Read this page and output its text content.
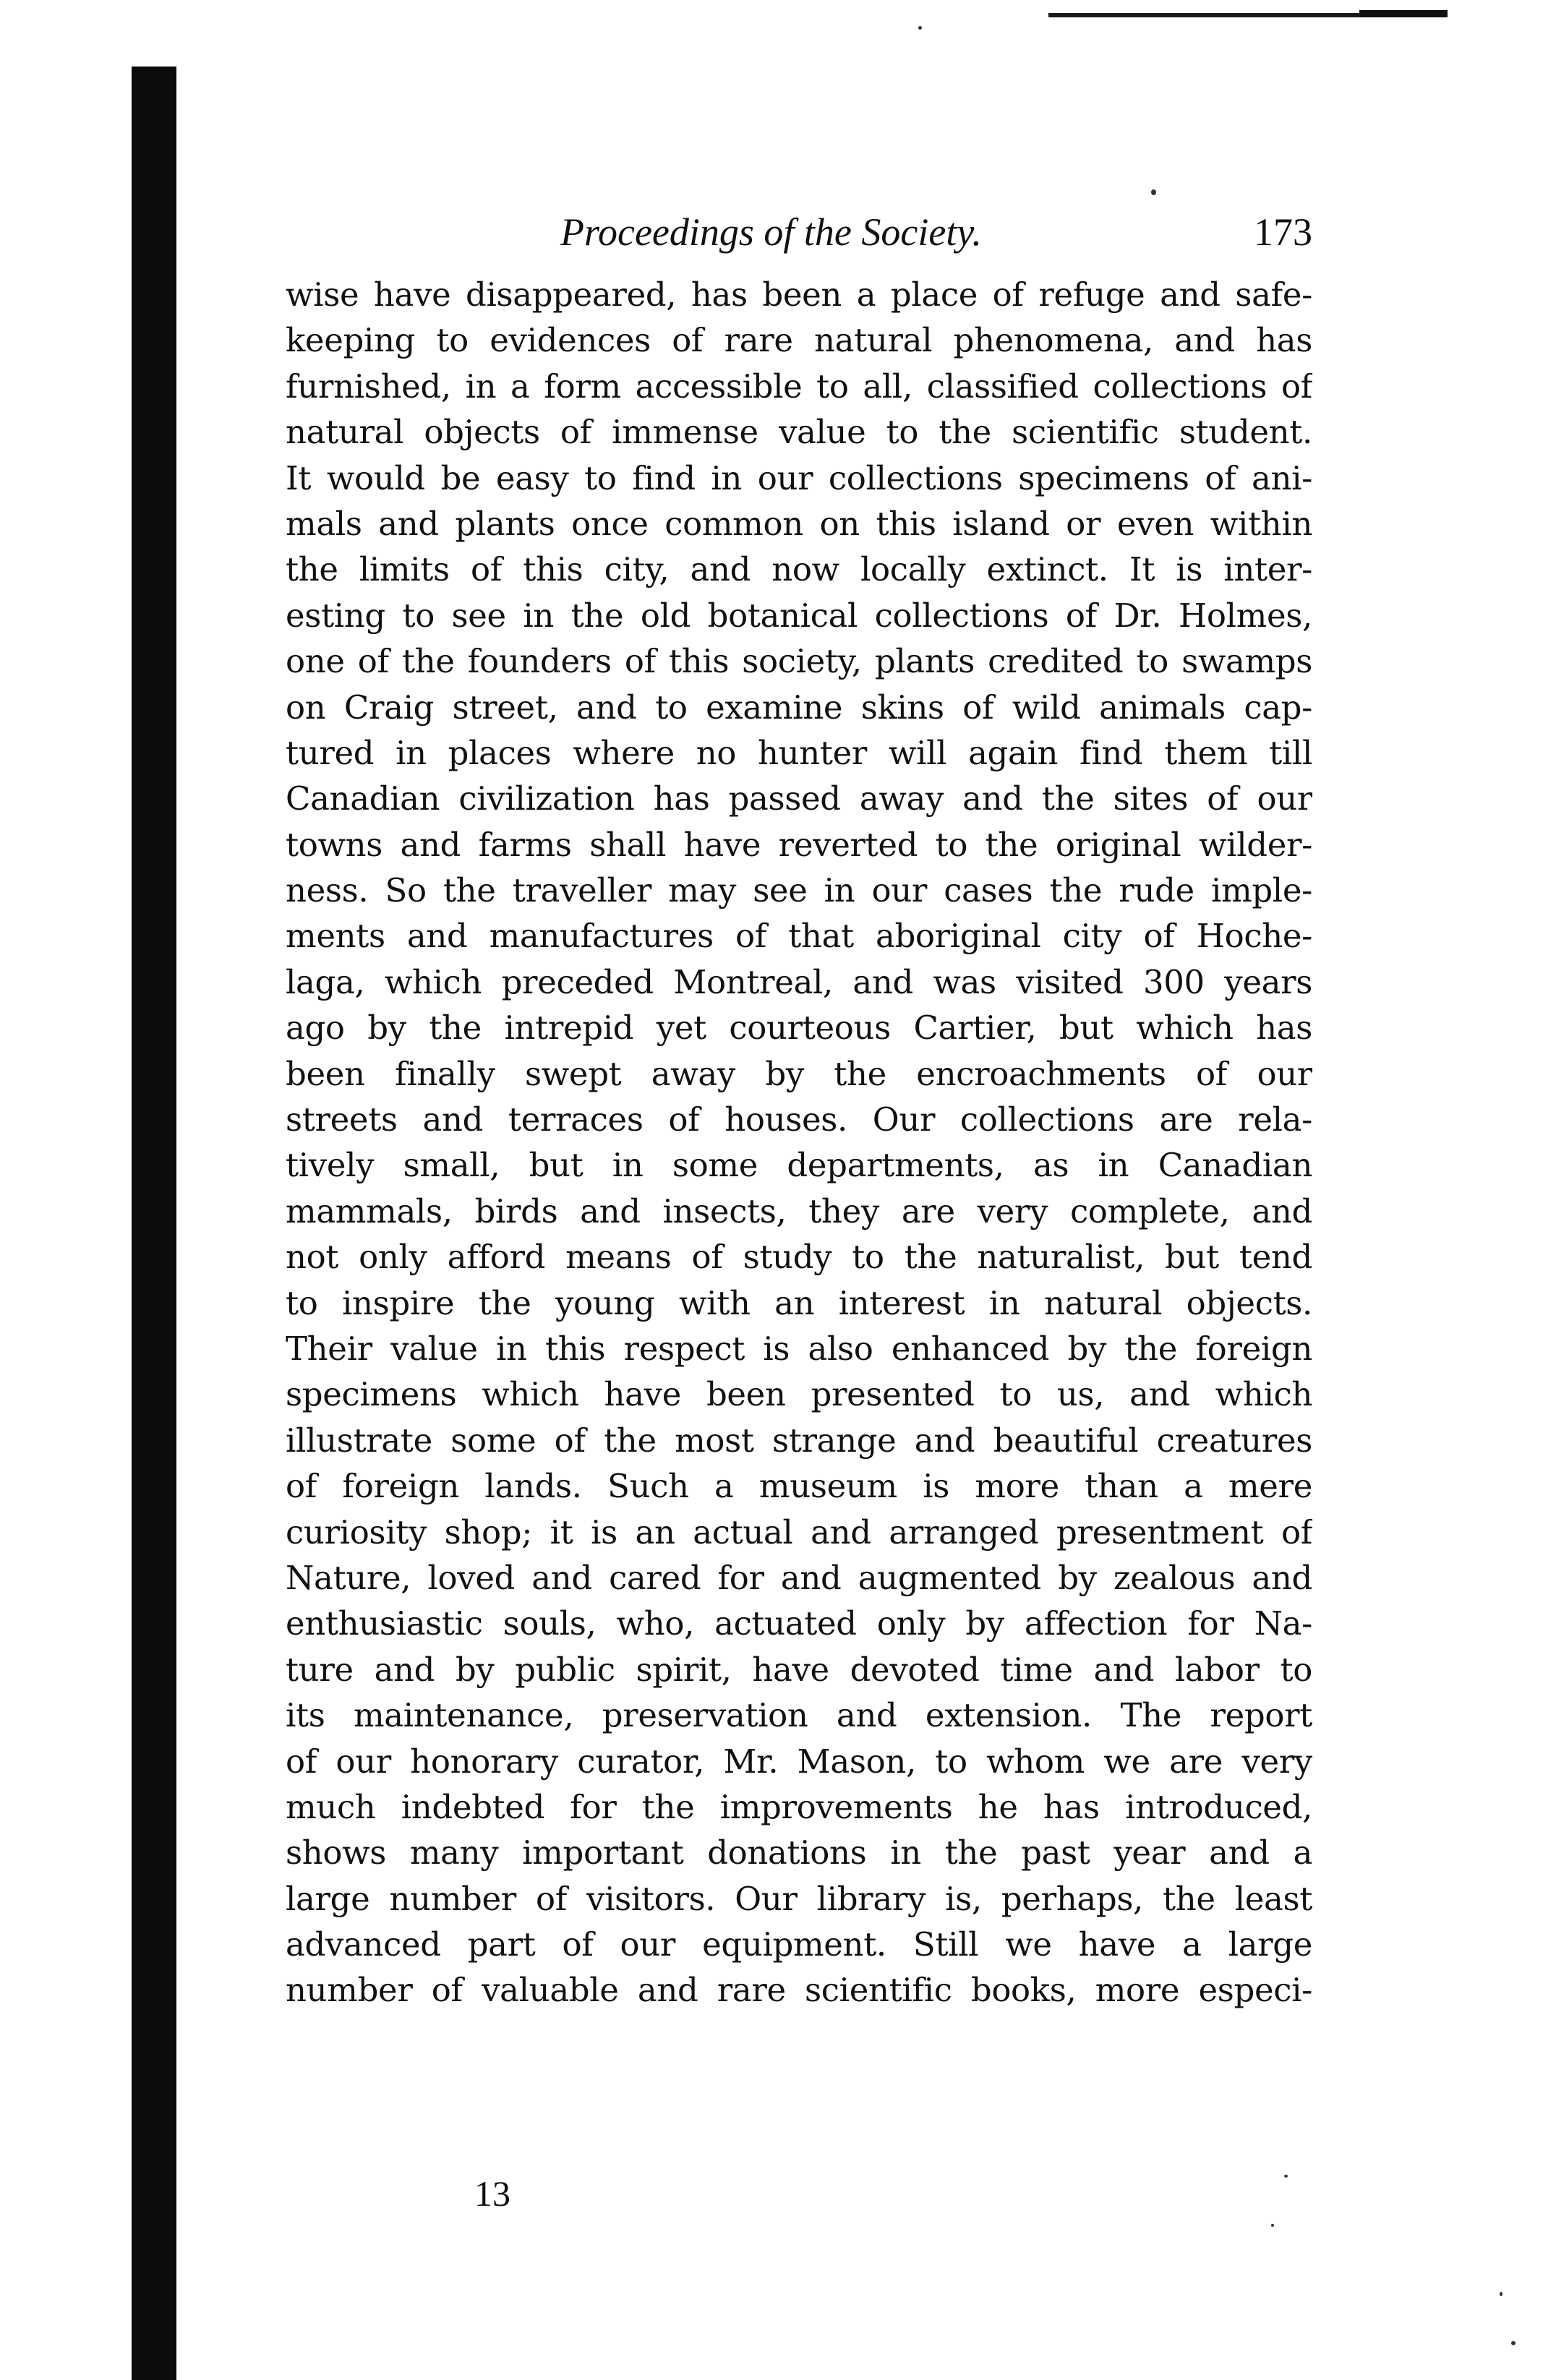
Proceedings of the Society.	173
wise have disappeared, has been a place of refuge and safe-
keeping to evidences of rare natural phenomena, and has
furnished, in a form accessible to all, classified collections of
natural objects of immense value to the scientific student.
It would be easy to find in our collections specimens of ani-
mals and plants once common on this island or even within
the limits of this city, and now locally extinct. It is inter-
esting to see in the old botanical collections of Dr. Holmes,
one of the founders of this society, plants credited to swamps
on Craig street, and to examine skins of wild animals cap-
tured in places where no hunter will again find them till
Canadian civilization has passed away and the sites of our
towns and farms shall have reverted to the original wilder-
ness. So the traveller may see in our cases the rude imple-
ments and manufactures of that aboriginal city of Hoche-
laga, which preceded Montreal, and was visited 300 years
ago by the intrepid yet courteous Cartier, but which has
been finally swept away by the encroachments of our
streets and terraces of houses. Our collections are rela-
tively small, but in some departments, as in Canadian
mammals, birds and insects, they are very complete, and
not only afford means of study to the naturalist, but tend
to inspire the young with an interest in natural objects.
Their value in this respect is also enhanced by the foreign
specimens which have been presented to us, and which
illustrate some of the most strange and beautiful creatures
of foreign lands. Such a museum is more than a mere
curiosity shop; it is an actual and arranged presentment of
Nature, loved and cared for and augmented by zealous and
enthusiastic souls, who, actuated only by affection for Na-
ture and by public spirit, have devoted time and labor to
its maintenance, preservation and extension. The report
of our honorary curator, Mr. Mason, to whom we are very
much indebted for the improvements he has introduced,
shows many important donations in the past year and a
large number of visitors. Our library is, perhaps, the least
advanced part of our equipment. Still we have a large
number of valuable and rare scientific books, more especi-
13
